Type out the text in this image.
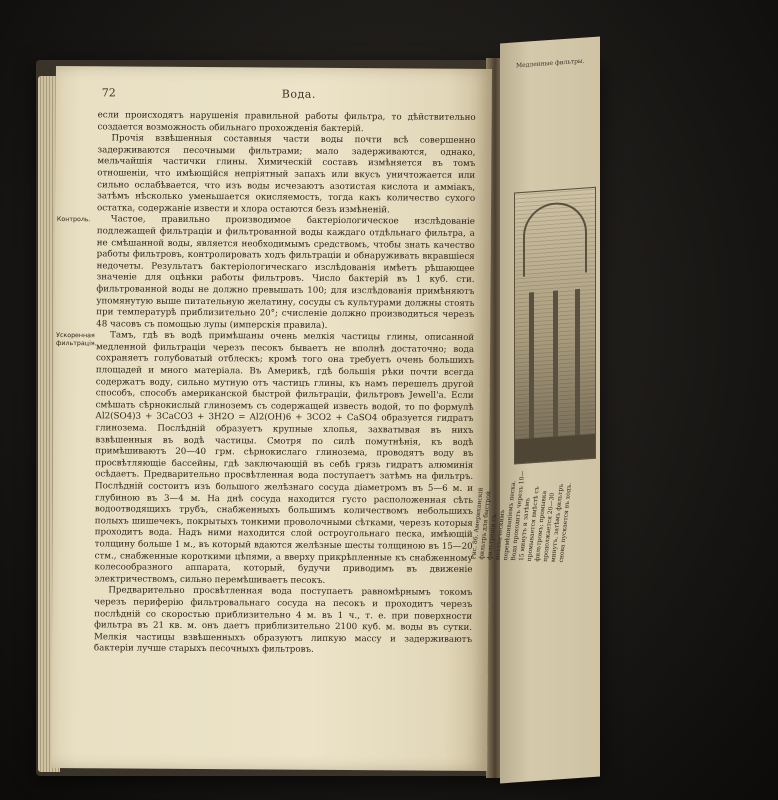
72	Вода.

если происходятъ нарушенія правильной работы фильтра, то дѣйствительно создается возможность обильнаго прохожденія бактерій.

Прочія взвѣшенныя составныя части воды почти всѣ совершенно задерживаются песочными фильтрами; мало задерживаются, однако, мельчайшія частички глины. Химическій составъ измѣняется въ томъ отношеніи, что имѣющійся непріятный запахъ или вкусъ уничтожается или сильно ослабѣвается, что изъ воды исчезаютъ азотистая кислота и амміакъ, затѣмъ нѣсколько уменьшается окисляемость, тогда какъ количество сухого остатка, содержаніе извести и хлора остаются безъ измѣненій.

Контроль.	Частое, правильно производимое бактеріологическое изслѣдованіе подлежащей фильтраціи и фильтрованной воды каждаго отдѣльнаго фильтра, а не смѣшанной воды, является необходимымъ средствомъ, чтобы знать качество работы фильтровъ, контролировать ходъ фильтраціи и обнаруживать вкравшіеся недочеты. Результатъ бактеріологическаго изслѣдованія имѣетъ рѣшающее значеніе для оцѣнки работы фильтровъ. Число бактерій въ 1 куб. сти. фильтрованной воды не должно превышать 100; для изслѣдованія примѣняютъ упомянутую выше питательную желатину, сосуды съ культурами должны стоять при температурѣ приблизительно 20°; счисленіе должно производиться черезъ 48 часовъ съ помощью лупы (имперскія правила).

Ускоренная фильтрація.

Тамъ, гдѣ въ водѣ примѣшаны очень мелкія частицы глины, описанной медленной фильтраціи черезъ песокъ бываетъ не вполнѣ достаточно; вода сохраняетъ голубоватый отблескъ; кромѣ того она требуетъ очень большихъ площадей и много матеріала. Въ Америкѣ, гдѣ большія рѣки почти всегда содержатъ воду, сильно мутную отъ частицъ глины, къ намъ перешелъ другой способъ, способъ американской быстрой фильтраціи, фильтровъ Jewell'а. Если смѣшать сѣрнокислый глиноземъ съ содержащей известь водой, то по формулѣ Al2(SO4)3 + 3CaCO3 + 3H2O = Al2(OH)6 + 3CO2 + CaSO4 образуется гидратъ глинозема. Послѣдній образуетъ крупные хлопья, захватывая въ нихъ взвѣшенныя въ водѣ частицы. Смотря по силѣ помутнѣнія, къ водѣ примѣшиваютъ 20—40 грм. сѣрнокислаго глинозема, проводятъ воду въ просвѣтляющіе бассейны, гдѣ заключающій въ себѣ грязь гидратъ алюминія осѣдаетъ. Предварительно просвѣтленная вода поступаетъ затѣмъ на фильтръ. Послѣдній состоитъ изъ большого желѣзнаго сосуда діаметромъ въ 5—6 м. и глубиною въ 3—4 м. На днѣ сосуда находится густо расположенная сѣть водоотводящихъ трубъ, снабженныхъ большимъ количествомъ небольшихъ полыхъ шишечекъ, покрытыхъ тонкими проволочными сѣтками, черезъ которыя проходитъ вода. Надъ ними находится слой остроугольнаго песка, имѣющій толщину больше 1 м., въ который вдаются желѣзные шесты толщиною въ 15—20 стм., снабженные короткими цѣпями, а вверху прикрѣпленные къ снабженному колесообразного аппарата, который, будучи приводимъ въ движеніе электричествомъ, сильно перемѣшиваетъ песокъ.

Предварительно просвѣтленная вода поступаетъ равномѣрнымъ токомъ черезъ периферію фильтровальнаго сосуда на песокъ и проходитъ черезъ послѣдній со скоростью приблизительно 4 м. въ 1 ч., т. е. при поверхности фильтра въ 21 кв. м. онъ даетъ приблизительно 2100 куб. м. воды въ сутки. Мелкія частицы взвѣшенныхъ образуютъ липкую массу и задерживаютъ бактеріи лучше старыхъ песочныхъ фильтровъ.

Медленные фильтры.
Рис. 86. Американскій фильтръ для быстрой фильтраціи съ механическимъ перемѣшиваніемъ песка. Вода проходитъ черезъ 10—15 минутъ и затѣмъ промывается вмѣстѣ съ фильтромъ; промывка продолжается 20—30 минутъ, затѣмъ фильтръ снова пускается въ ходъ.
